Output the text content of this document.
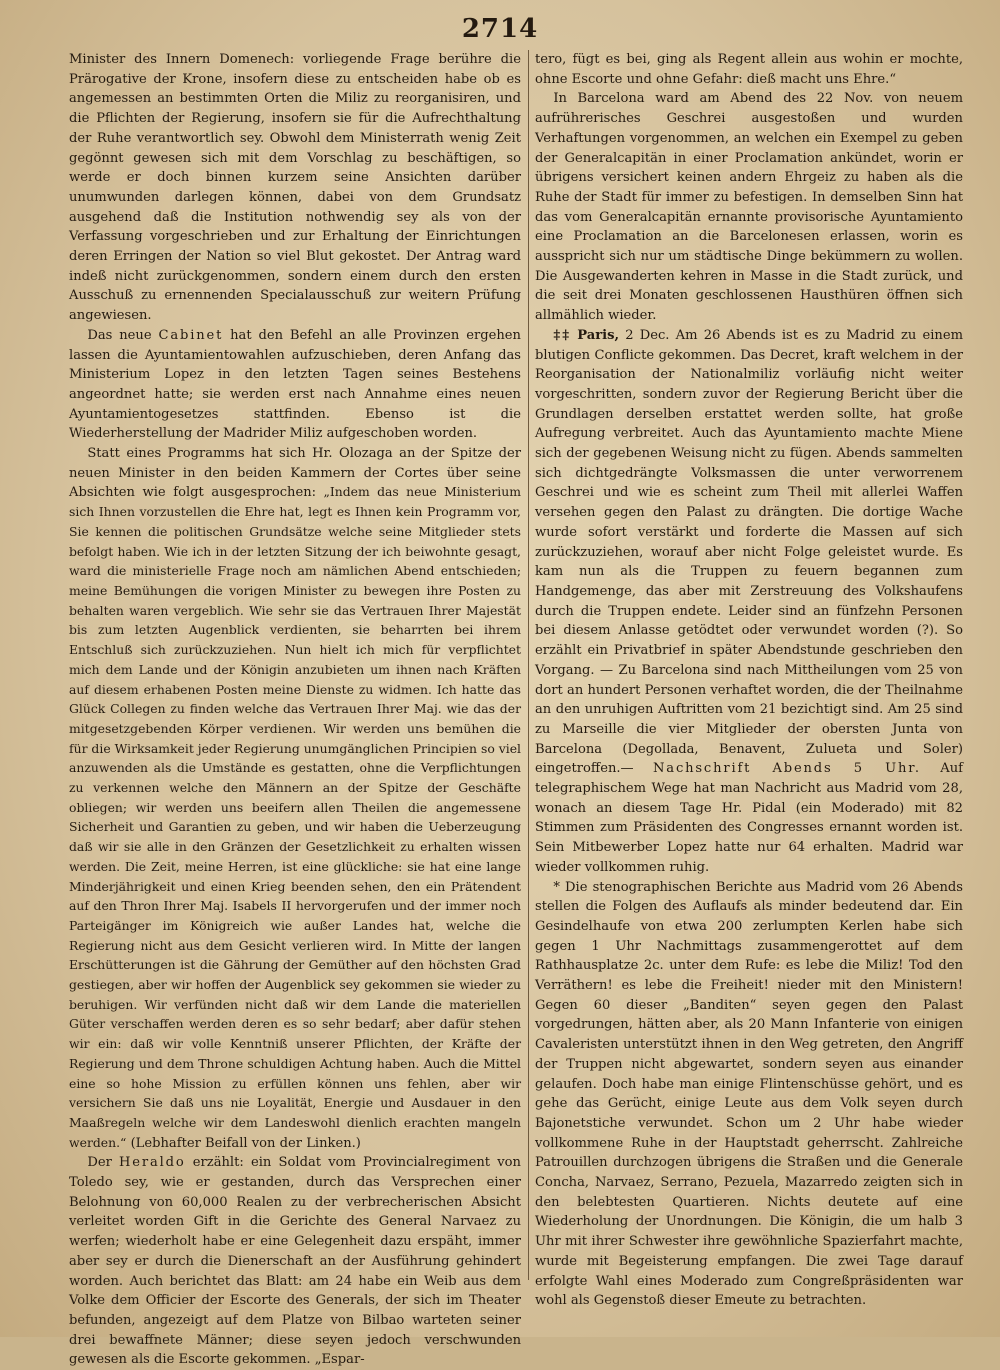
2714

Minister des Innern Domenech: vorliegende Frage berühre die Prärogative der Krone, insofern diese zu entscheiden habe ob es angemessen an bestimmten Orten die Miliz zu reorganisiren, und die Pflichten der Regierung, insofern sie für die Aufrechthaltung der Ruhe verantwortlich sey. Obwohl dem Ministerrath wenig Zeit gegönnt gewesen sich mit dem Vorschlag zu beschäftigen, so werde er doch binnen kurzem seine Ansichten darüber unumwunden darlegen können, dabei von dem Grundsatz ausgehend daß die Institution nothwendig sey als von der Verfassung vorgeschrieben und zur Erhaltung der Einrichtungen deren Erringen der Nation so viel Blut gekostet. Der Antrag ward indeß nicht zurückgenommen, sondern einem durch den ersten Ausschuß zu ernennenden Specialausschuß zur weitern Prüfung angewiesen.

Das neue Cabinet hat den Befehl an alle Provinzen ergehen lassen die Ayuntamientowahlen aufzuschieben, deren Anfang das Ministerium Lopez in den letzten Tagen seines Bestehens angeordnet hatte; sie werden erst nach Annahme eines neuen Ayuntamientogesetzes stattfinden. Ebenso ist die Wiederherstellung der Madrider Miliz aufgeschoben worden.

Statt eines Programms hat sich Hr. Olozaga an der Spitze der neuen Minister in den beiden Kammern der Cortes über seine Absichten wie folgt ausgesprochen: „Indem das neue Ministerium sich Ihnen vorzustellen die Ehre hat, legt es Ihnen kein Programm vor, Sie kennen die politischen Grundsätze welche seine Mitglieder stets befolgt haben. Wie ich in der letzten Sitzung der ich beiwohnte gesagt, ward die ministerielle Frage noch am nämlichen Abend entschieden; meine Bemühungen die vorigen Minister zu bewegen ihre Posten zu behalten waren vergeblich. Wie sehr sie das Vertrauen Ihrer Majestät bis zum letzten Augenblick verdienten, sie beharrten bei ihrem Entschluß sich zurückzuziehen. Nun hielt ich mich für verpflichtet mich dem Lande und der Königin anzubieten um ihnen nach Kräften auf diesem erhabenen Posten meine Dienste zu widmen. Ich hatte das Glück Collegen zu finden welche das Vertrauen Ihrer Maj. wie das der mitgesetzgebenden Körper verdienen. Wir werden uns bemühen die für die Wirksamkeit jeder Regierung unumgänglichen Principien so viel anzuwenden als die Umstände es gestatten, ohne die Verpflichtungen zu verkennen welche den Männern an der Spitze der Geschäfte obliegen; wir werden uns beeifern allen Theilen die angemessene Sicherheit und Garantien zu geben, und wir haben die Ueberzeugung daß wir sie alle in den Gränzen der Gesetzlichkeit zu erhalten wissen werden. Die Zeit, meine Herren, ist eine glückliche: sie hat eine lange Minderjährigkeit und einen Krieg beenden sehen, den ein Prätendent auf den Thron Ihrer Maj. Isabels II hervorgerufen und der immer noch Parteigänger im Königreich wie außer Landes hat, welche die Regierung nicht aus dem Gesicht verlieren wird. In Mitte der langen Erschütterungen ist die Gährung der Gemüther auf den höchsten Grad gestiegen, aber wir hoffen der Augenblick sey gekommen sie wieder zu beruhigen. Wir verfünden nicht daß wir dem Lande die materiellen Güter verschaffen werden deren es so sehr bedarf; aber dafür stehen wir ein: daß wir volle Kenntniß unserer Pflichten, der Kräfte der Regierung und dem Throne schuldigen Achtung haben. Auch die Mittel eine so hohe Mission zu erfüllen können uns fehlen, aber wir versichern Sie daß uns nie Loyalität, Energie und Ausdauer in den Maaßregeln welche wir dem Landeswohl dienlich erachten mangeln werden.“ (Lebhafter Beifall von der Linken.)

Der Heraldo erzählt: ein Soldat vom Provincialregiment von Toledo sey, wie er gestanden, durch das Versprechen einer Belohnung von 60,000 Realen zu der verbrecherischen Absicht verleitet worden Gift in die Gerichte des General Narvaez zu werfen; wiederholt habe er eine Gelegenheit dazu erspäht, immer aber sey er durch die Dienerschaft an der Ausführung gehindert worden. Auch berichtet das Blatt: am 24 habe ein Weib aus dem Volke dem Officier der Escorte des Generals, der sich im Theater befunden, angezeigt auf dem Platze von Bilbao warteten seiner drei bewaffnete Männer; diese seyen jedoch verschwunden gewesen als die Escorte gekommen. „Espar-

tero, fügt es bei, ging als Regent allein aus wohin er mochte, ohne Escorte und ohne Gefahr: dieß macht uns Ehre.“

In Barcelona ward am Abend des 22 Nov. von neuem aufrührerisches Geschrei ausgestoßen und wurden Verhaftungen vorgenommen, an welchen ein Exempel zu geben der Generalcapitän in einer Proclamation ankündet, worin er übrigens versichert keinen andern Ehrgeiz zu haben als die Ruhe der Stadt für immer zu befestigen. In demselben Sinn hat das vom Generalcapitän ernannte provisorische Ayuntamiento eine Proclamation an die Barcelonesen erlassen, worin es ausspricht sich nur um städtische Dinge bekümmern zu wollen. Die Ausgewanderten kehren in Masse in die Stadt zurück, und die seit drei Monaten geschlossenen Hausthüren öffnen sich allmählich wieder.

‡‡ Paris, 2 Dec. Am 26 Abends ist es zu Madrid zu einem blutigen Conflicte gekommen. Das Decret, kraft welchem in der Reorganisation der Nationalmiliz vorläufig nicht weiter vorgeschritten, sondern zuvor der Regierung Bericht über die Grundlagen derselben erstattet werden sollte, hat große Aufregung verbreitet. Auch das Ayuntamiento machte Miene sich der gegebenen Weisung nicht zu fügen. Abends sammelten sich dichtgedrängte Volksmassen die unter verworrenem Geschrei und wie es scheint zum Theil mit allerlei Waffen versehen gegen den Palast zu drängten. Die dortige Wache wurde sofort verstärkt und forderte die Massen auf sich zurückzuziehen, worauf aber nicht Folge geleistet wurde. Es kam nun als die Truppen zu feuern begannen zum Handgemenge, das aber mit Zerstreuung des Volkshaufens durch die Truppen endete. Leider sind an fünfzehn Personen bei diesem Anlasse getödtet oder verwundet worden (?). So erzählt ein Privatbrief in später Abendstunde geschrieben den Vorgang. — Zu Barcelona sind nach Mittheilungen vom 25 von dort an hundert Personen verhaftet worden, die der Theilnahme an den unruhigen Auftritten vom 21 bezichtigt sind. Am 25 sind zu Marseille die vier Mitglieder der obersten Junta von Barcelona (Degollada, Benavent, Zulueta und Soler) eingetroffen.— Nachschrift Abends 5 Uhr. Auf telegraphischem Wege hat man Nachricht aus Madrid vom 28, wonach an diesem Tage Hr. Pidal (ein Moderado) mit 82 Stimmen zum Präsidenten des Congresses ernannt worden ist. Sein Mitbewerber Lopez hatte nur 64 erhalten. Madrid war wieder vollkommen ruhig.

* Die stenographischen Berichte aus Madrid vom 26 Abends stellen die Folgen des Auflaufs als minder bedeutend dar. Ein Gesindelhaufe von etwa 200 zerlumpten Kerlen habe sich gegen 1 Uhr Nachmittags zusammengerottet auf dem Rathhausplatze 2c. unter dem Rufe: es lebe die Miliz! Tod den Verräthern! es lebe die Freiheit! nieder mit den Ministern! Gegen 60 dieser „Banditen“ seyen gegen den Palast vorgedrungen, hätten aber, als 20 Mann Infanterie von einigen Cavaleristen unterstützt ihnen in den Weg getreten, den Angriff der Truppen nicht abgewartet, sondern seyen aus einander gelaufen. Doch habe man einige Flintenschüsse gehört, und es gehe das Gerücht, einige Leute aus dem Volk seyen durch Bajonetstiche verwundet. Schon um 2 Uhr habe wieder vollkommene Ruhe in der Hauptstadt geherrscht. Zahlreiche Patrouillen durchzogen übrigens die Straßen und die Generale Concha, Narvaez, Serrano, Pezuela, Mazarredo zeigten sich in den belebtesten Quartieren. Nichts deutete auf eine Wiederholung der Unordnungen. Die Königin, die um halb 3 Uhr mit ihrer Schwester ihre gewöhnliche Spazierfahrt machte, wurde mit Begeisterung empfangen. Die zwei Tage darauf erfolgte Wahl eines Moderado zum Congreßpräsidenten war wohl als Gegenstoß dieser Emeute zu betrachten.
